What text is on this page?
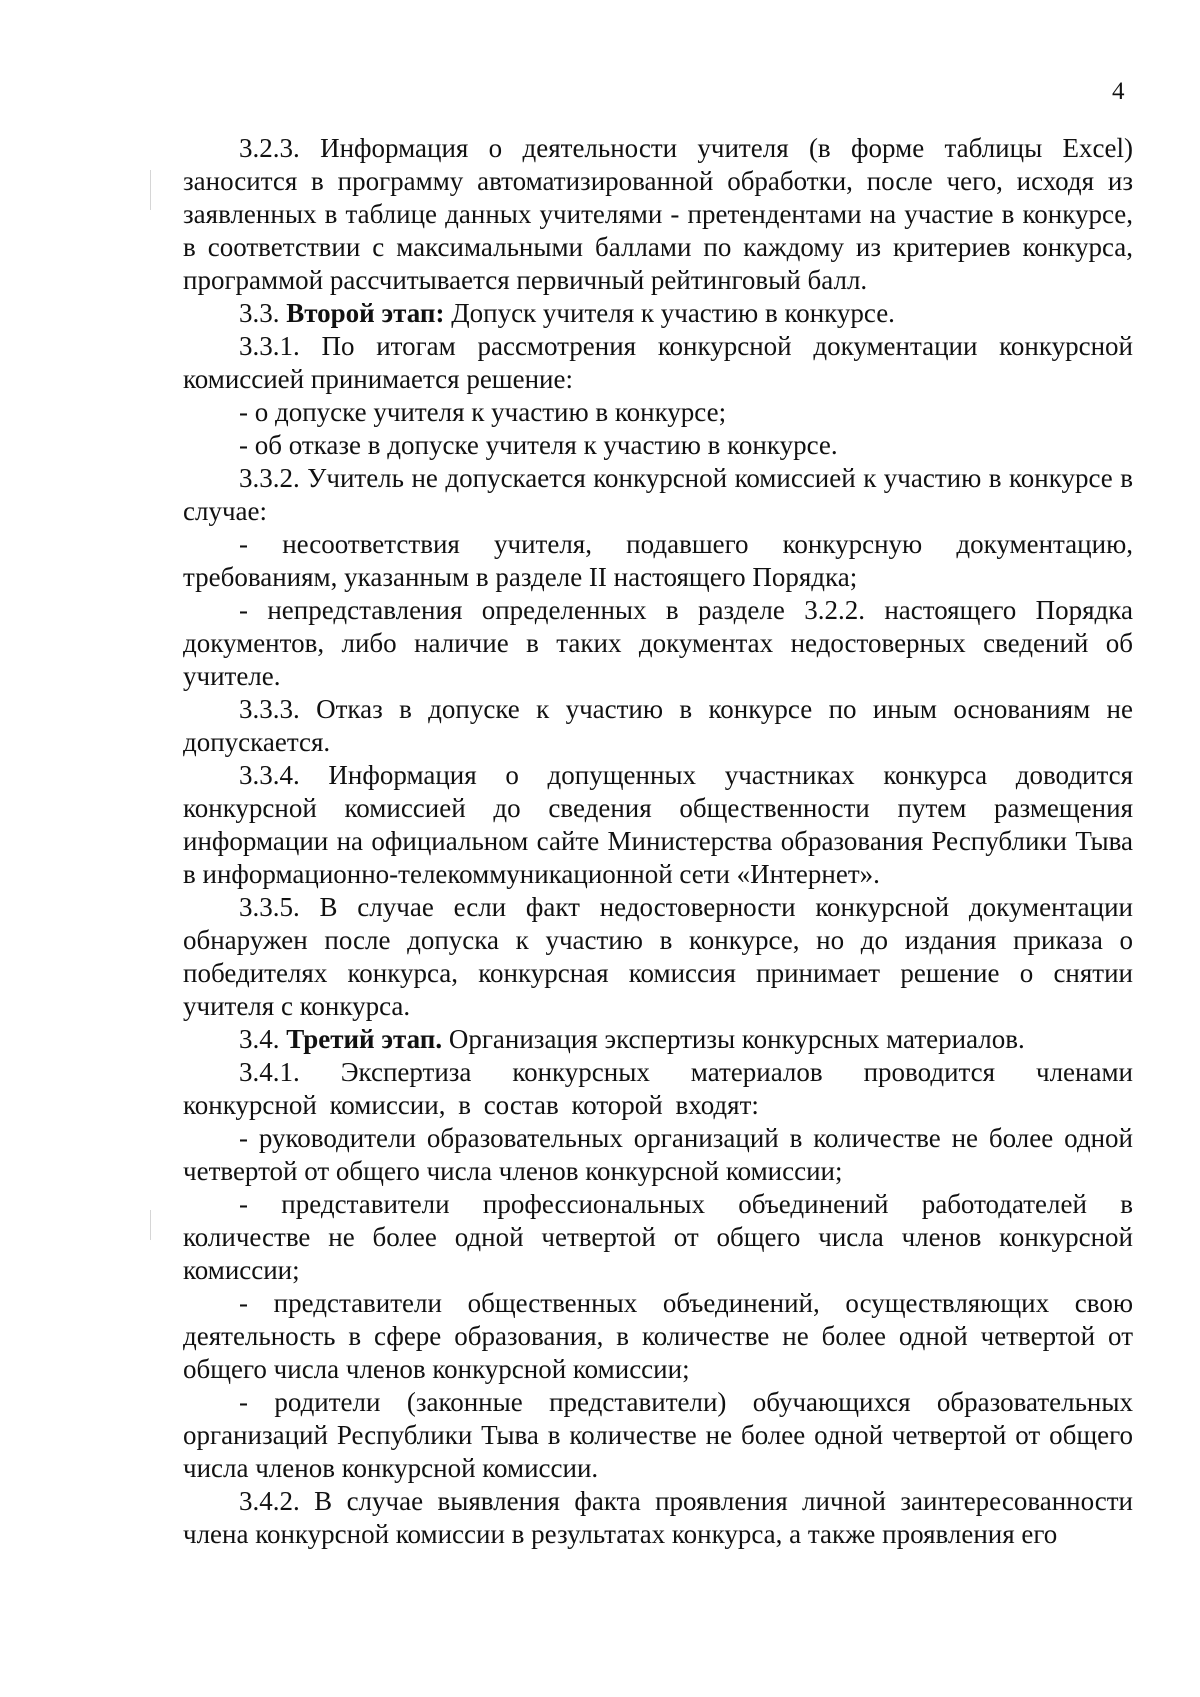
4

3.2.3. Информация о деятельности учителя (в форме таблицы Excel) заносится в программу автоматизированной обработки, после чего, исходя из заявленных в таблице данных учителями - претендентами на участие в конкурсе, в соответствии с максимальными баллами по каждому из критериев конкурса, программой рассчитывается первичный рейтинговый балл.

3.3. Второй этап: Допуск учителя к участию в конкурсе.

3.3.1. По итогам рассмотрения конкурсной документации конкурсной комиссией принимается решение:

- о допуске учителя к участию в конкурсе;

- об отказе в допуске учителя к участию в конкурсе.

3.3.2. Учитель не допускается конкурсной комиссией к участию в конкурсе в случае:

- несоответствия учителя, подавшего конкурсную документацию, требованиям, указанным в разделе II настоящего Порядка;

- непредставления определенных в разделе 3.2.2. настоящего Порядка документов, либо наличие в таких документах недостоверных сведений об учителе.

3.3.3. Отказ в допуске к участию в конкурсе по иным основаниям не допускается.

3.3.4. Информация о допущенных участниках конкурса доводится конкурсной комиссией до сведения общественности путем размещения информации на официальном сайте Министерства образования Республики Тыва в информационно-телекоммуникационной сети «Интернет».

3.3.5. В случае если факт недостоверности конкурсной документации обнаружен после допуска к участию в конкурсе, но до издания приказа о победителях конкурса, конкурсная комиссия принимает решение о снятии учителя с конкурса.

3.4. Третий этап. Организация экспертизы конкурсных материалов.

3.4.1. Экспертиза конкурсных материалов проводится членами конкурсной комиссии, в состав которой входят:

- руководители образовательных организаций в количестве не более одной четвертой от общего числа членов конкурсной комиссии;

- представители профессиональных объединений работодателей в количестве не более одной четвертой от общего числа членов конкурсной комиссии;

- представители общественных объединений, осуществляющих свою деятельность в сфере образования, в количестве не более одной четвертой от общего числа членов конкурсной комиссии;

- родители (законные представители) обучающихся образовательных организаций Республики Тыва в количестве не более одной четвертой от общего числа членов конкурсной комиссии.

3.4.2. В случае выявления факта проявления личной заинтересованности члена конкурсной комиссии в результатах конкурса, а также проявления его
